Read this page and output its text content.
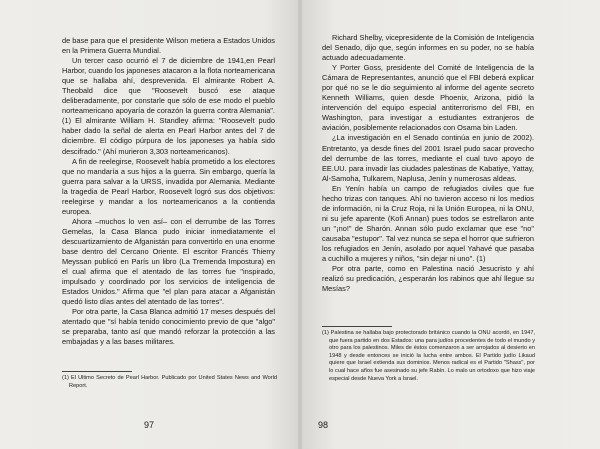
de base para que el presidente Wilson metiera a Estados Unidos en la Primera Guerra Mundial.

Un tercer caso ocurrió el 7 de diciembre de 1941,en Pearl Harbor, cuando los japoneses atacaron a la flota norteamericana que se hallaba ahí, desprevenida. El almirante Robert A. Theobald dice que "Roosevelt buscó ese ataque deliberadamente, por constarle que sólo de ese modo el pueblo norteamericano apoyaría de corazón la guerra contra Alemania". (1) El almirante William H. Standley afirma: "Roosevelt pudo haber dado la señal de alerta en Pearl Harbor antes del 7 de diciembre. El código púrpura de los japoneses ya había sido descifrado." (Ahí murieron 3,303 norteamericanos).

A fin de reelegirse, Roosevelt había prometido a los electores que no mandaría a sus hijos a la guerra. Sin embargo, quería la guerra para salvar a la URSS, invadida por Alemania. Mediante la tragedia de Pearl Harbor, Roosevelt logró sus dos objetivos: reelegirse y mandar a los norteamericanos a la contienda europea.

Ahora –muchos lo ven así– con el derrumbe de las Torres Gemelas, la Casa Blanca pudo iniciar inmediatamente el descuartizamiento de Afganistán para convertirlo en una enorme base dentro del Cercano Oriente. El escritor Francés Thierry Meyssan publicó en París un libro (La Tremenda Impostura) en el cual afirma que el atentado de las torres fue "inspirado, impulsado y coordinado por los servicios de inteligencia de Estados Unidos." Afirma que "el plan para atacar a Afganistán quedó listo días antes del atentado de las torres".

Por otra parte, la Casa Blanca admitió 17 meses después del atentado que "sí había tenido conocimiento previo de que "algo" se preparaba, tanto así que mandó reforzar la protección a las embajadas y a las bases militares.

(1) El Ultimo Secreto de Pearl Harbor. Publicado por United States News and World Report.

97

Richard Shelby, vicepresidente de la Comisión de Inteligencia del Senado, dijo que, según informes en su poder, no se había actuado adecuadamente.

Y Porter Goss, presidente del Comité de Inteligencia de la Cámara de Representantes, anunció que el FBI deberá explicar por qué no se le dio seguimiento al informe del agente secreto Kenneth Williams, quien desde Phoenix, Arizona, pidió la intervención del equipo especial antiterrorismo del FBI, en Washington, para investigar a estudiantes extranjeros de aviación, posiblemente relacionados con Osama bin Laden.

¿La investigación en el Senado continúa en junio de 2002). Entretanto, ya desde fines del 2001 Israel pudo sacar provecho del derrumbe de las torres, mediante el cual tuvo apoyo de EE.UU. para invadir las ciudades palestinas de Kabatiye, Yattay, Al-Samoha, Tulkarem, Naplusa, Jenín y numerosas aldeas.

En Yenín había un campo de refugiados civiles que fue hecho trizas con tanques. Ahí no tuvieron acceso ni los medios de información, ni la Cruz Roja, ni la Unión Europea, ni la ONU, ni su jefe aparente (Kofi Annan) pues todos se estrellaron ante un "¡no!" de Sharón. Annan sólo pudo exclamar que ese "no" causaba "estupor". Tal vez nunca se sepa el horror que sufrieron los refugiados en Jenín, asolado por aquel Yahavé que pasaba a cuchillo a mujeres y niños, "sin dejar ni uno". (1)

Por otra parte, como en Palestina nació Jesucristo y ahí realizó su predicación, ¿esperarán los rabinos que ahí llegue su Mesías?

(1) Palestina se hallaba bajo protectorado británico cuando la ONU acordó, en 1947, que fuera partido en dos Estados: una para judíos procedentes de todo el mundo y otro para los palestinos. Miles de éstos comenzaron a ser arrojados al desierto en 1948 y desde entonces se inició la lucha entre ambos. El Partido judío Likaud quiere que Israel extienda sus dominios. Menos radical es el Partido "Shass", por lo cual hace años fue asesinado su jefe Rabín. Lo malo un ortodoxo que hizo viaje especial desde Nueva York a Israel.

98
